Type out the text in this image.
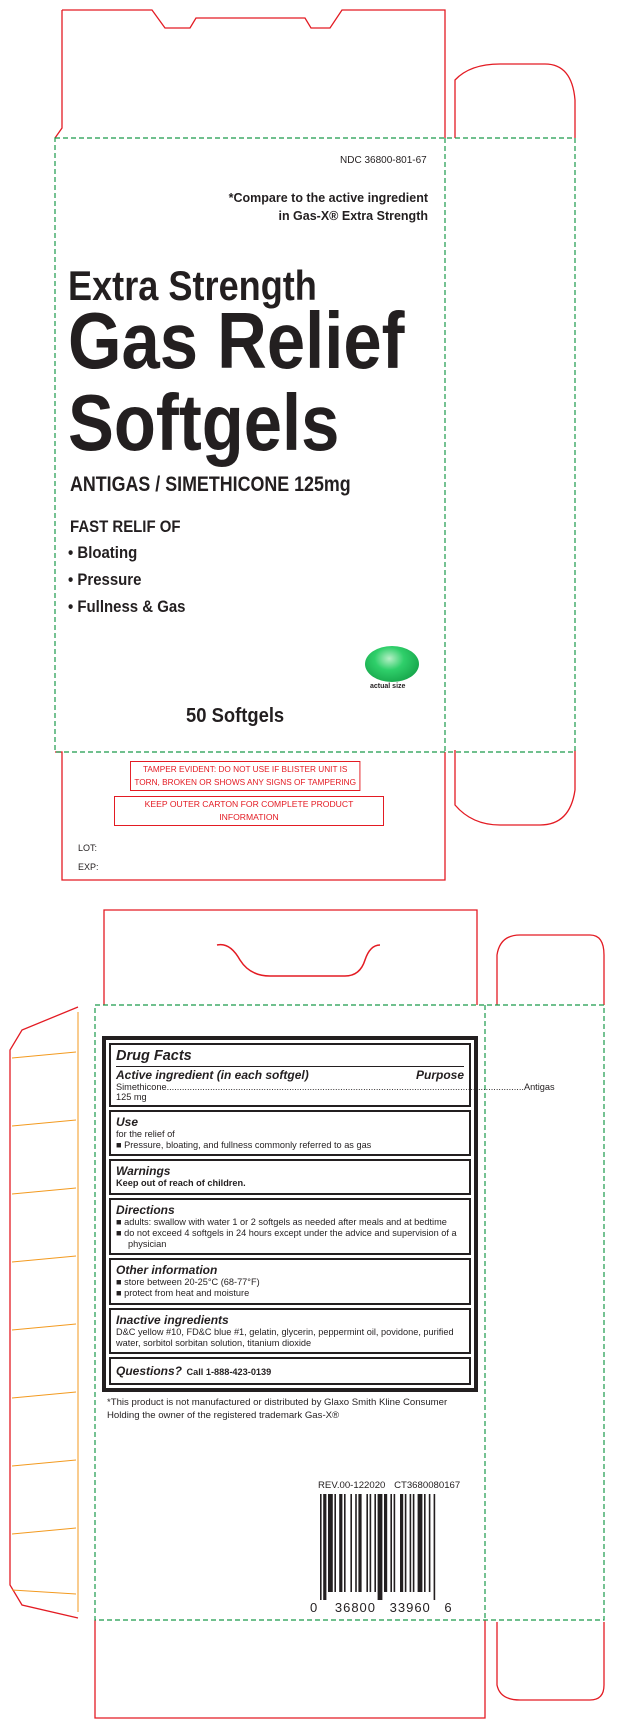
NDC 36800-801-67
*Compare to the active ingredient
in Gas-X® Extra Strength
Extra Strength
Gas Relief
Softgels
ANTIGAS / SIMETHICONE 125mg
FAST RELIF OF
• Bloating
• Pressure
• Fullness & Gas
actual size
50 Softgels
TAMPER EVIDENT: DO NOT USE IF BLISTER UNIT IS TORN, BROKEN OR SHOWS ANY SIGNS OF TAMPERING
KEEP OUTER CARTON FOR COMPLETE PRODUCT INFORMATION
LOT:
EXP:
Drug Facts
Active ingredient (in each softgel)	Purpose
Simethicone 125 mg
............................................................................................................................................ Antigas
Use
for the relief of
■ Pressure, bloating, and fullness commonly referred to as gas
Warnings
Keep out of reach of children.
Directions
■ adults: swallow with water 1 or 2 softgels as needed after meals and at bedtime
■ do not exceed 4 softgels in 24 hours except under the advice and supervision of a physician
Other information
■ store between 20-25°C (68-77°F)
■ protect from heat and moisture
Inactive ingredients
D&C yellow #10, FD&C blue #1, gelatin, glycerin, peppermint oil, povidone, purified water, sorbitol sorbitan solution, titanium dioxide
Questions? Call 1-888-423-0139
*This product is not manufactured or distributed by Glaxo Smith Kline Consumer Holding the owner of the registered trademark Gas-X®
REV.00-122020 CT3680080167
0 36800 33960 6
